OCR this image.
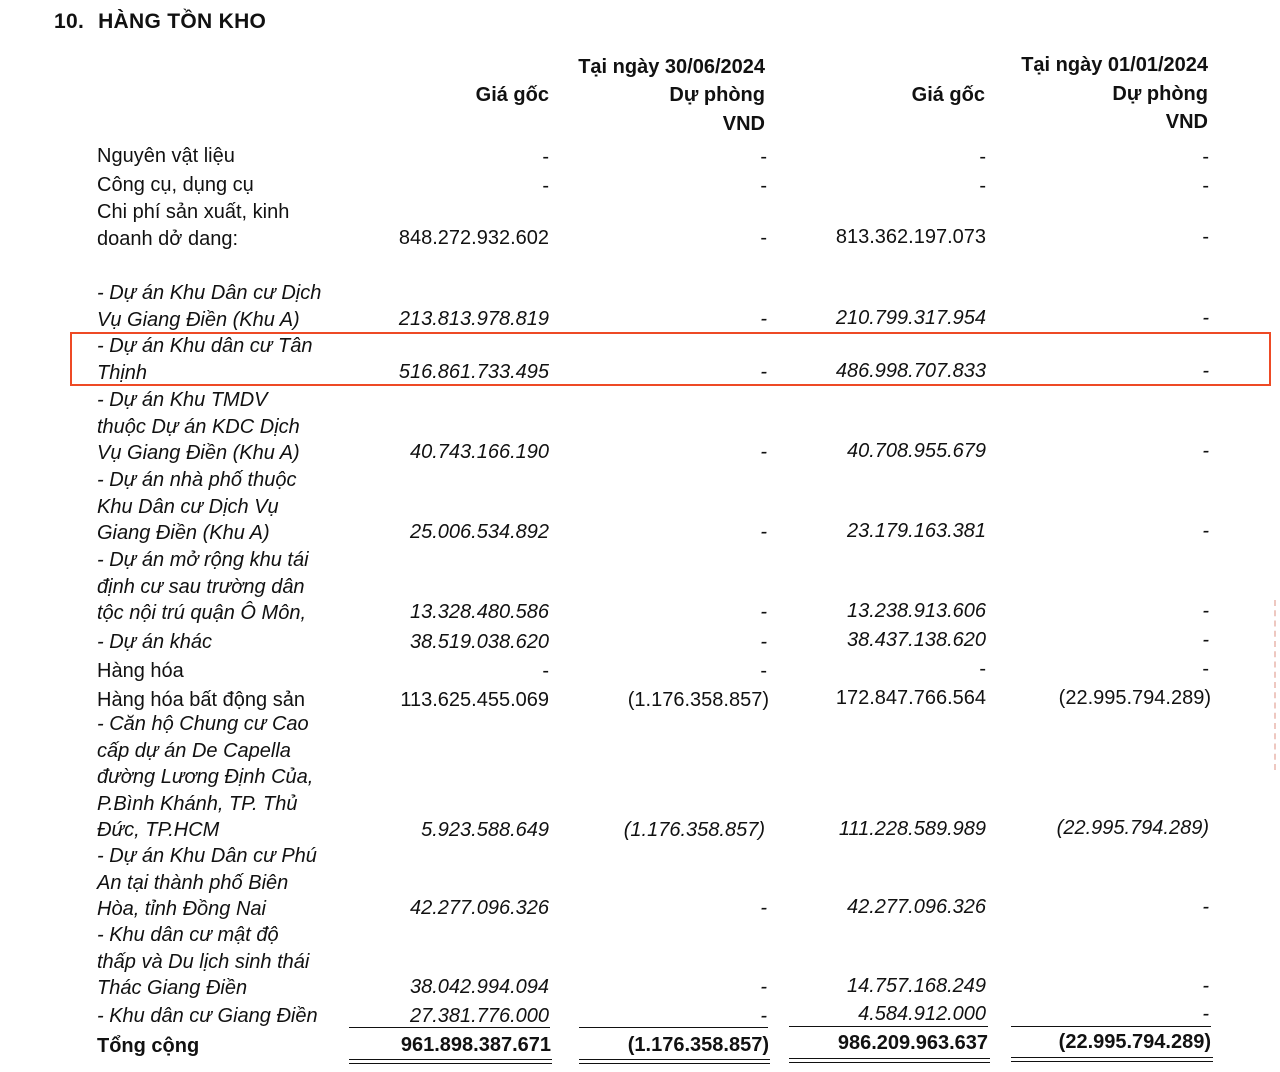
10. HÀNG TỒN KHO
Tại ngày 30/06/2024
Giá gốc	Dự phòng
VND
Tại ngày 01/01/2024
Giá gốc	Dự phòng
VND
Nguyên vật liệu	-	-	-	-
Công cụ, dụng cụ	-	-	-	-
Chi phí sản xuất, kinh
doanh dở dang:	848.272.932.602	-	813.362.197.073	-
- Dự án Khu Dân cư Dịch
Vụ Giang Điền (Khu A)	213.813.978.819	-	210.799.317.954	-
- Dự án Khu dân cư Tân
Thịnh	516.861.733.495	-	486.998.707.833	-
- Dự án Khu TMDV
thuộc Dự án KDC Dịch
Vụ Giang Điền (Khu A)	40.743.166.190	-	40.708.955.679	-
- Dự án nhà phố thuộc
Khu Dân cư Dịch Vụ
Giang Điền (Khu A)	25.006.534.892	-	23.179.163.381	-
- Dự án mở rộng khu tái
định cư sau trường dân
tộc nội trú quận Ô Môn,	13.328.480.586	-	13.238.913.606	-
- Dự án khác	38.519.038.620	-	38.437.138.620	-
Hàng hóa	-	-	-	-
Hàng hóa bất động sản	113.625.455.069	(1.176.358.857)	172.847.766.564	(22.995.794.289)
- Căn hộ Chung cư Cao
cấp dự án De Capella
đường Lương Định Của,
P.Bình Khánh, TP. Thủ
Đức, TP.HCM	5.923.588.649	(1.176.358.857)	111.228.589.989	(22.995.794.289)
- Dự án Khu Dân cư Phú
An tại thành phố Biên
Hòa, tỉnh Đồng Nai	42.277.096.326	-	42.277.096.326	-
- Khu dân cư mật độ
thấp và Du lịch sinh thái
Thác Giang Điền	38.042.994.094	-	14.757.168.249	-
- Khu dân cư Giang Điền	27.381.776.000	-	4.584.912.000	-
Tổng cộng	961.898.387.671	(1.176.358.857)	986.209.963.637	(22.995.794.289)
